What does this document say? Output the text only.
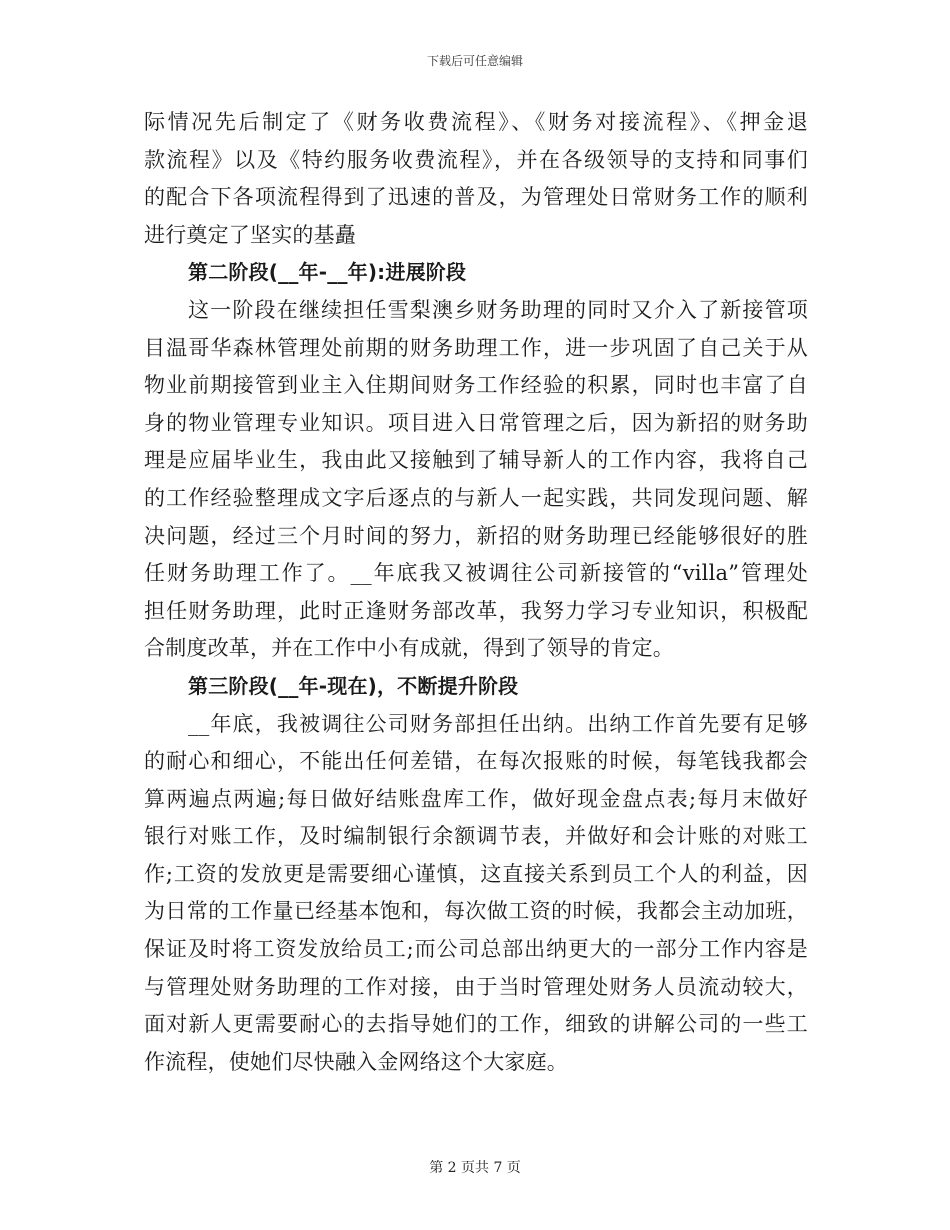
下载后可任意编辑
际情况先后制定了《财务收费流程》、《财务对接流程》、《押金退
款流程》以及《特约服务收费流程》，并在各级领导的支持和同事们
的配合下各项流程得到了迅速的普及，为管理处日常财务工作的顺利
进行奠定了坚实的基矗
第二阶段(__年-__年):进展阶段
这一阶段在继续担任雪梨澳乡财务助理的同时又介入了新接管项
目温哥华森林管理处前期的财务助理工作，进一步巩固了自己关于从
物业前期接管到业主入住期间财务工作经验的积累，同时也丰富了自
身的物业管理专业知识。项目进入日常管理之后，因为新招的财务助
理是应届毕业生，我由此又接触到了辅导新人的工作内容，我将自己
的工作经验整理成文字后逐点的与新人一起实践，共同发现问题、解
决问题，经过三个月时间的努力，新招的财务助理已经能够很好的胜
任财务助理工作了。__年底我又被调往公司新接管的“villa”管理处
担任财务助理，此时正逢财务部改革，我努力学习专业知识，积极配
合制度改革，并在工作中小有成就，得到了领导的肯定。
第三阶段(__年-现在)，不断提升阶段
__年底，我被调往公司财务部担任出纳。出纳工作首先要有足够
的耐心和细心，不能出任何差错，在每次报账的时候，每笔钱我都会
算两遍点两遍;每日做好结账盘库工作，做好现金盘点表;每月末做好
银行对账工作，及时编制银行余额调节表，并做好和会计账的对账工
作;工资的发放更是需要细心谨慎，这直接关系到员工个人的利益，因
为日常的工作量已经基本饱和，每次做工资的时候，我都会主动加班，
保证及时将工资发放给员工;而公司总部出纳更大的一部分工作内容是
与管理处财务助理的工作对接，由于当时管理处财务人员流动较大，
面对新人更需要耐心的去指导她们的工作，细致的讲解公司的一些工
作流程，使她们尽快融入金网络这个大家庭。
第 2 页共 7 页
